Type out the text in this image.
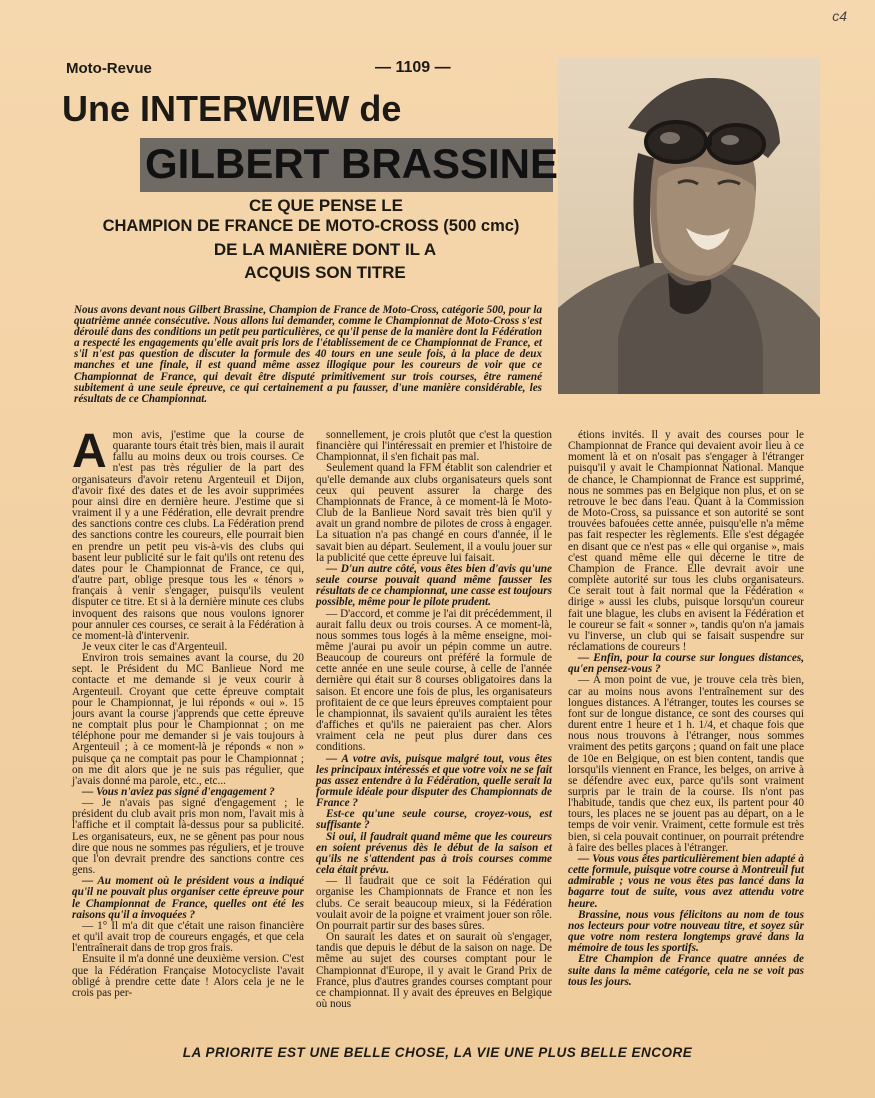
c4
Moto-Revue	— 1109 —
Une INTERWIEW de
GILBERT BRASSINE
CE QUE PENSE LE
CHAMPION DE FRANCE DE MOTO-CROSS (500 cmc)
DE LA MANIÈRE DONT IL A
ACQUIS SON TITRE
Nous avons devant nous Gilbert Brassine, Champion de France de Moto-Cross, catégorie 500, pour la quatrième année consécutive. Nous allons lui demander, comme le Championnat de Moto-Cross s'est déroulé dans des conditions un petit peu particulières, ce qu'il pense de la manière dont la Fédération a respecté les engagements qu'elle avait pris lors de l'établissement de ce Championnat de France, et s'il n'est pas question de discuter la formule des 40 tours en une seule fois, à la place de deux manches et une finale, il est quand même assez illogique pour les coureurs de voir que ce Championnat de France, qui devait être disputé primitivement sur trois courses, être ramené subitement à une seule épreuve, ce qui certainement a pu fausser, d'une manière considérable, les résultats de ce Championnat.

Amon avis, j'estime que la course de quarante tours était très bien, mais il aurait fallu au moins deux ou trois courses. Ce n'est pas très régulier de la part des organisateurs d'avoir retenu Argenteuil et Dijon, d'avoir fixé des dates et de les avoir supprimées pour ainsi dire en dernière heure. J'estime que si vraiment il y a une Fédération, elle devrait prendre des sanctions contre ces clubs. La Fédération prend des sanctions contre les coureurs, elle pourrait bien en prendre un petit peu vis-à-vis des clubs qui basent leur publicité sur le fait qu'ils ont retenu des dates pour le Championnat de France, ce qui, d'autre part, oblige presque tous les « ténors » français à venir s'engager, puisqu'ils veulent disputer ce titre. Et si à la dernière minute ces clubs invoquent des raisons que nous voulons ignorer pour annuler ces courses, ce serait à la Fédération à ce moment-là d'intervenir.

Je veux citer le cas d'Argenteuil.

Environ trois semaines avant la course, du 20 sept. le Président du MC Banlieue Nord me contacte et me demande si je veux courir à Argenteuil. Croyant que cette épreuve comptait pour le Championnat, je lui réponds « oui ». 15 jours avant la course j'apprends que cette épreuve ne comptait plus pour le Championnat ; on me téléphone pour me demander si je vais toujours à Argenteuil ; à ce moment-là je réponds « non » puisque ça ne comptait pas pour le Championnat ; on me dit alors que je ne suis pas régulier, que j'avais donné ma parole, etc., etc...

— Vous n'aviez pas signé d'engagement ?

— Je n'avais pas signé d'engagement ; le président du club avait pris mon nom, l'avait mis à l'affiche et il comptait là-dessus pour sa publicité. Les organisateurs, eux, ne se gênent pas pour nous dire que nous ne sommes pas réguliers, et je trouve que l'on devrait prendre des sanctions contre ces gens.

— Au moment où le président vous a indiqué qu'il ne pouvait plus organiser cette épreuve pour le Championnat de France, quelles ont été les raisons qu'il a invoquées ?

— 1° Il m'a dit que c'était une raison financière et qu'il avait trop de coureurs engagés, et que cela l'entraînerait dans de trop gros frais.

Ensuite il m'a donné une deuxième version. C'est que la Fédération Française Motocycliste l'avait obligé à prendre cette date ! Alors cela je ne le crois pas per-

sonnellement, je crois plutôt que c'est la question financière qui l'intéressait en premier et l'histoire de Championnat, il s'en fichait pas mal.

Seulement quand la FFM établit son calendrier et qu'elle demande aux clubs organisateurs quels sont ceux qui peuvent assurer la charge des Championnats de France, à ce moment-là le Moto-Club de la Banlieue Nord savait très bien qu'il y avait un grand nombre de pilotes de cross à engager. La situation n'a pas changé en cours d'année, il le savait bien au départ. Seulement, il a voulu jouer sur la publicité que cette épreuve lui faisait.

— D'un autre côté, vous êtes bien d'avis qu'une seule course pouvait quand même fausser les résultats de ce championnat, une casse est toujours possible, même pour le pilote prudent.

— D'accord, et comme je l'ai dit précédemment, il aurait fallu deux ou trois courses. A ce moment-là, nous sommes tous logés à la même enseigne, moi-même j'aurai pu avoir un pépin comme un autre. Beaucoup de coureurs ont préféré la formule de cette année en une seule course, à celle de l'année dernière qui était sur 8 courses obligatoires dans la saison. Et encore une fois de plus, les organisateurs profitaient de ce que leurs épreuves comptaient pour le championnat, ils savaient qu'ils auraient les têtes d'affiches et qu'ils ne paieraient pas cher. Alors vraiment cela ne peut plus durer dans ces conditions.

— A votre avis, puisque malgré tout, vous êtes les principaux intéressés et que votre voix ne se fait pas assez entendre à la Fédération, quelle serait la formule idéale pour disputer des Championnats de France ?

Est-ce qu'une seule course, croyez-vous, est suffisante ?

Si oui, il faudrait quand même que les coureurs en soient prévenus dès le début de la saison et qu'ils ne s'attendent pas à trois courses comme cela était prévu.

— Il faudrait que ce soit la Fédération qui organise les Championnats de France et non les clubs. Ce serait beaucoup mieux, si la Fédération voulait avoir de la poigne et vraiment jouer son rôle. On pourrait partir sur des bases sûres.

On saurait les dates et on saurait où s'engager, tandis que depuis le début de la saison on nage. De même au sujet des courses comptant pour le Championnat d'Europe, il y avait le Grand Prix de France, plus d'autres grandes courses comptant pour ce championnat. Il y avait des épreuves en Belgique où nous

étions invités. Il y avait des courses pour le Championnat de France qui devaient avoir lieu à ce moment là et on n'osait pas s'engager à l'étranger puisqu'il y avait le Championnat National. Manque de chance, le Championnat de France est supprimé, nous ne sommes pas en Belgique non plus, et on se retrouve le bec dans l'eau. Quant à la Commission de Moto-Cross, sa puissance et son autorité se sont trouvées bafouées cette année, puisqu'elle n'a même pas fait respecter les règlements. Elle s'est dégagée en disant que ce n'est pas « elle qui organise », mais c'est quand même elle qui décerne le titre de Champion de France. Elle devrait avoir une complète autorité sur tous les clubs organisateurs. Ce serait tout à fait normal que la Fédération « dirige » aussi les clubs, puisque lorsqu'un coureur fait une blague, les clubs en avisent la Fédération et le coureur se fait « sonner », tandis qu'on n'a jamais vu l'inverse, un club qui se faisait suspendre sur réclamations de coureurs !

— Enfin, pour la course sur longues distances, qu'en pensez-vous ?

— A mon point de vue, je trouve cela très bien, car au moins nous avons l'entraînement sur des longues distances. A l'étranger, toutes les courses se font sur de longue distance, ce sont des courses qui durent entre 1 heure et 1 h. 1/4, et chaque fois que nous nous trouvons à l'étranger, nous sommes vraiment des petits garçons ; quand on fait une place de 10e en Belgique, on est bien content, tandis que lorsqu'ils viennent en France, les belges, on arrive à se défendre avec eux, parce qu'ils sont vraiment surpris par le train de la course. Ils n'ont pas l'habitude, tandis que chez eux, ils partent pour 40 tours, les places ne se jouent pas au départ, on a le temps de voir venir. Vraiment, cette formule est très bien, si cela pouvait continuer, on pourrait prétendre à faire des belles places à l'étranger.

— Vous vous êtes particulièrement bien adapté à cette formule, puisque votre course à Montreuil fut admirable ; vous ne vous êtes pas lancé dans la bagarre tout de suite, vous avez attendu votre heure.

Brassine, nous vous félicitons au nom de tous nos lecteurs pour votre nouveau titre, et soyez sûr que votre nom restera longtemps gravé dans la mémoire de tous les sportifs.

Etre Champion de France quatre années de suite dans la même catégorie, cela ne se voit pas tous les jours.

LA PRIORITE EST UNE BELLE CHOSE, LA VIE UNE PLUS BELLE ENCORE
